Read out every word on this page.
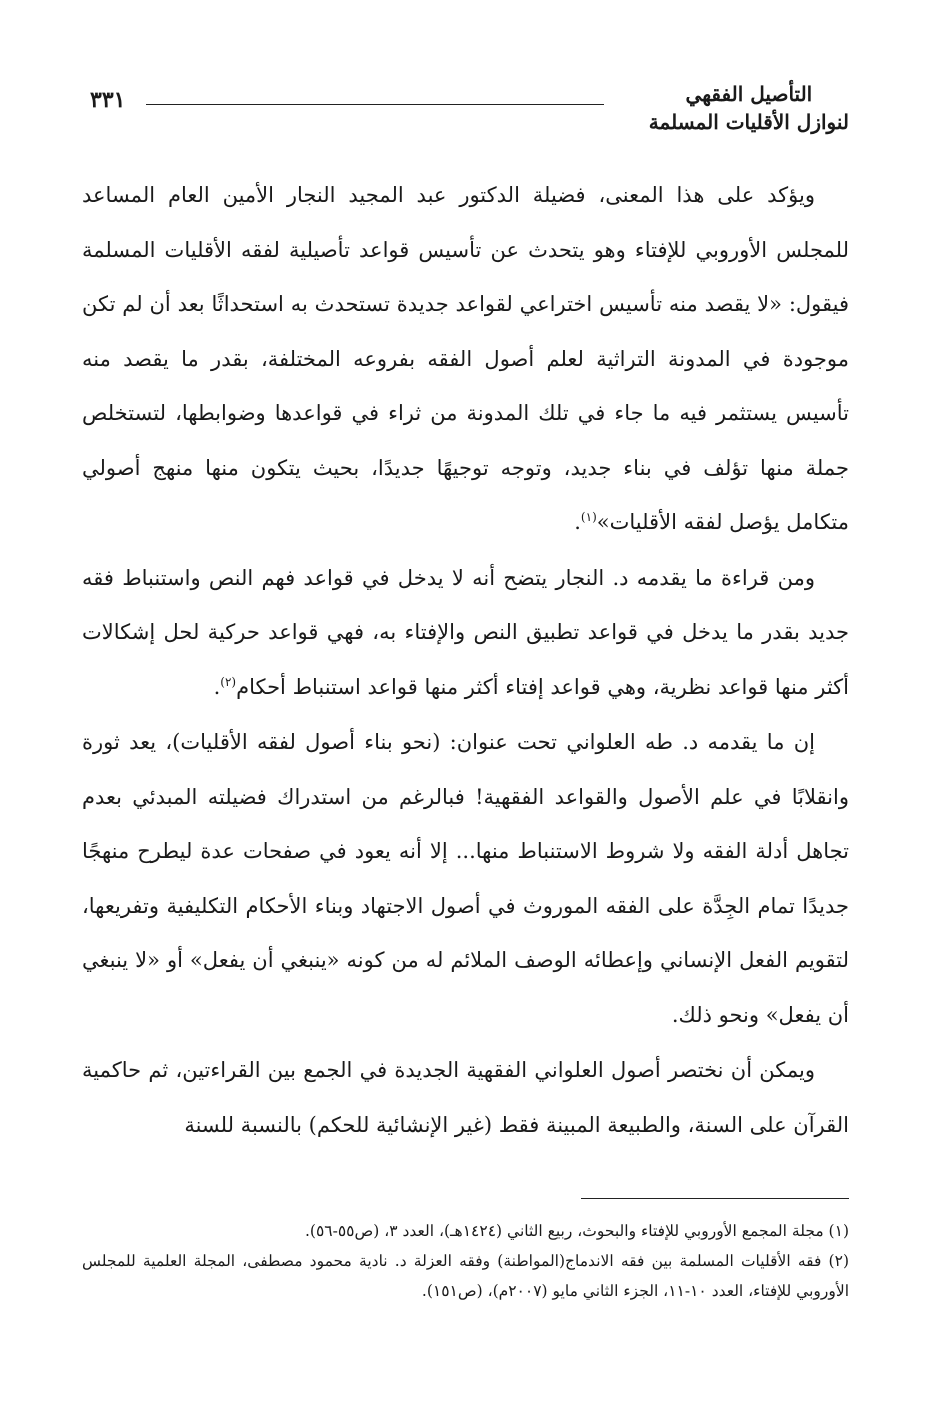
التأصيل الفقهي
لنوازل الأقليات المسلمة
٣٣١

ويؤكد على هذا المعنى، فضيلة الدكتور عبد المجيد النجار الأمين العام المساعد للمجلس الأوروبي للإفتاء وهو يتحدث عن تأسيس قواعد تأصيلية لفقه الأقليات المسلمة فيقول: «لا يقصد منه تأسيس اختراعي لقواعد جديدة تستحدث به استحداثًا بعد أن لم تكن موجودة في المدونة التراثية لعلم أصول الفقه بفروعه المختلفة، بقدر ما يقصد منه تأسيس يستثمر فيه ما جاء في تلك المدونة من ثراء في قواعدها وضوابطها، لتستخلص جملة منها تؤلف في بناء جديد، وتوجه توجيهًا جديدًا، بحيث يتكون منها منهج أصولي متكامل يؤصل لفقه الأقليات»$^{(١)}$.

ومن قراءة ما يقدمه د. النجار يتضح أنه لا يدخل في قواعد فهم النص واستنباط فقه جديد بقدر ما يدخل في قواعد تطبيق النص والإفتاء به، فهي قواعد حركية لحل إشكالات أكثر منها قواعد نظرية، وهي قواعد إفتاء أكثر منها قواعد استنباط أحكام$^{(٢)}$.

إن ما يقدمه د. طه العلواني تحت عنوان: (نحو بناء أصول لفقه الأقليات)، يعد ثورة وانقلابًا في علم الأصول والقواعد الفقهية! فبالرغم من استدراك فضيلته المبدئي بعدم تجاهل أدلة الفقه ولا شروط الاستنباط منها... إلا أنه يعود في صفحات عدة ليطرح منهجًا جديدًا تمام الجِدَّة على الفقه الموروث في أصول الاجتهاد وبناء الأحكام التكليفية وتفريعها، لتقويم الفعل الإنساني وإعطائه الوصف الملائم له من كونه «ينبغي أن يفعل» أو «لا ينبغي أن يفعل» ونحو ذلك.

ويمكن أن نختصر أصول العلواني الفقهية الجديدة في الجمع بين القراءتين، ثم حاكمية القرآن على السنة، والطبيعة المبينة فقط (غير الإنشائية للحكم) بالنسبة للسنة

(١) مجلة المجمع الأوروبي للإفتاء والبحوث، ربيع الثاني (١٤٢٤هـ)، العدد ٣، (ص٥٥-٥٦).

(٢) فقه الأقليات المسلمة بين فقه الاندماج(المواطنة) وفقه العزلة د. نادية محمود مصطفى، المجلة العلمية للمجلس الأوروبي للإفتاء، العدد ١٠-١١، الجزء الثاني مايو (٢٠٠٧م)، (ص١٥١).
